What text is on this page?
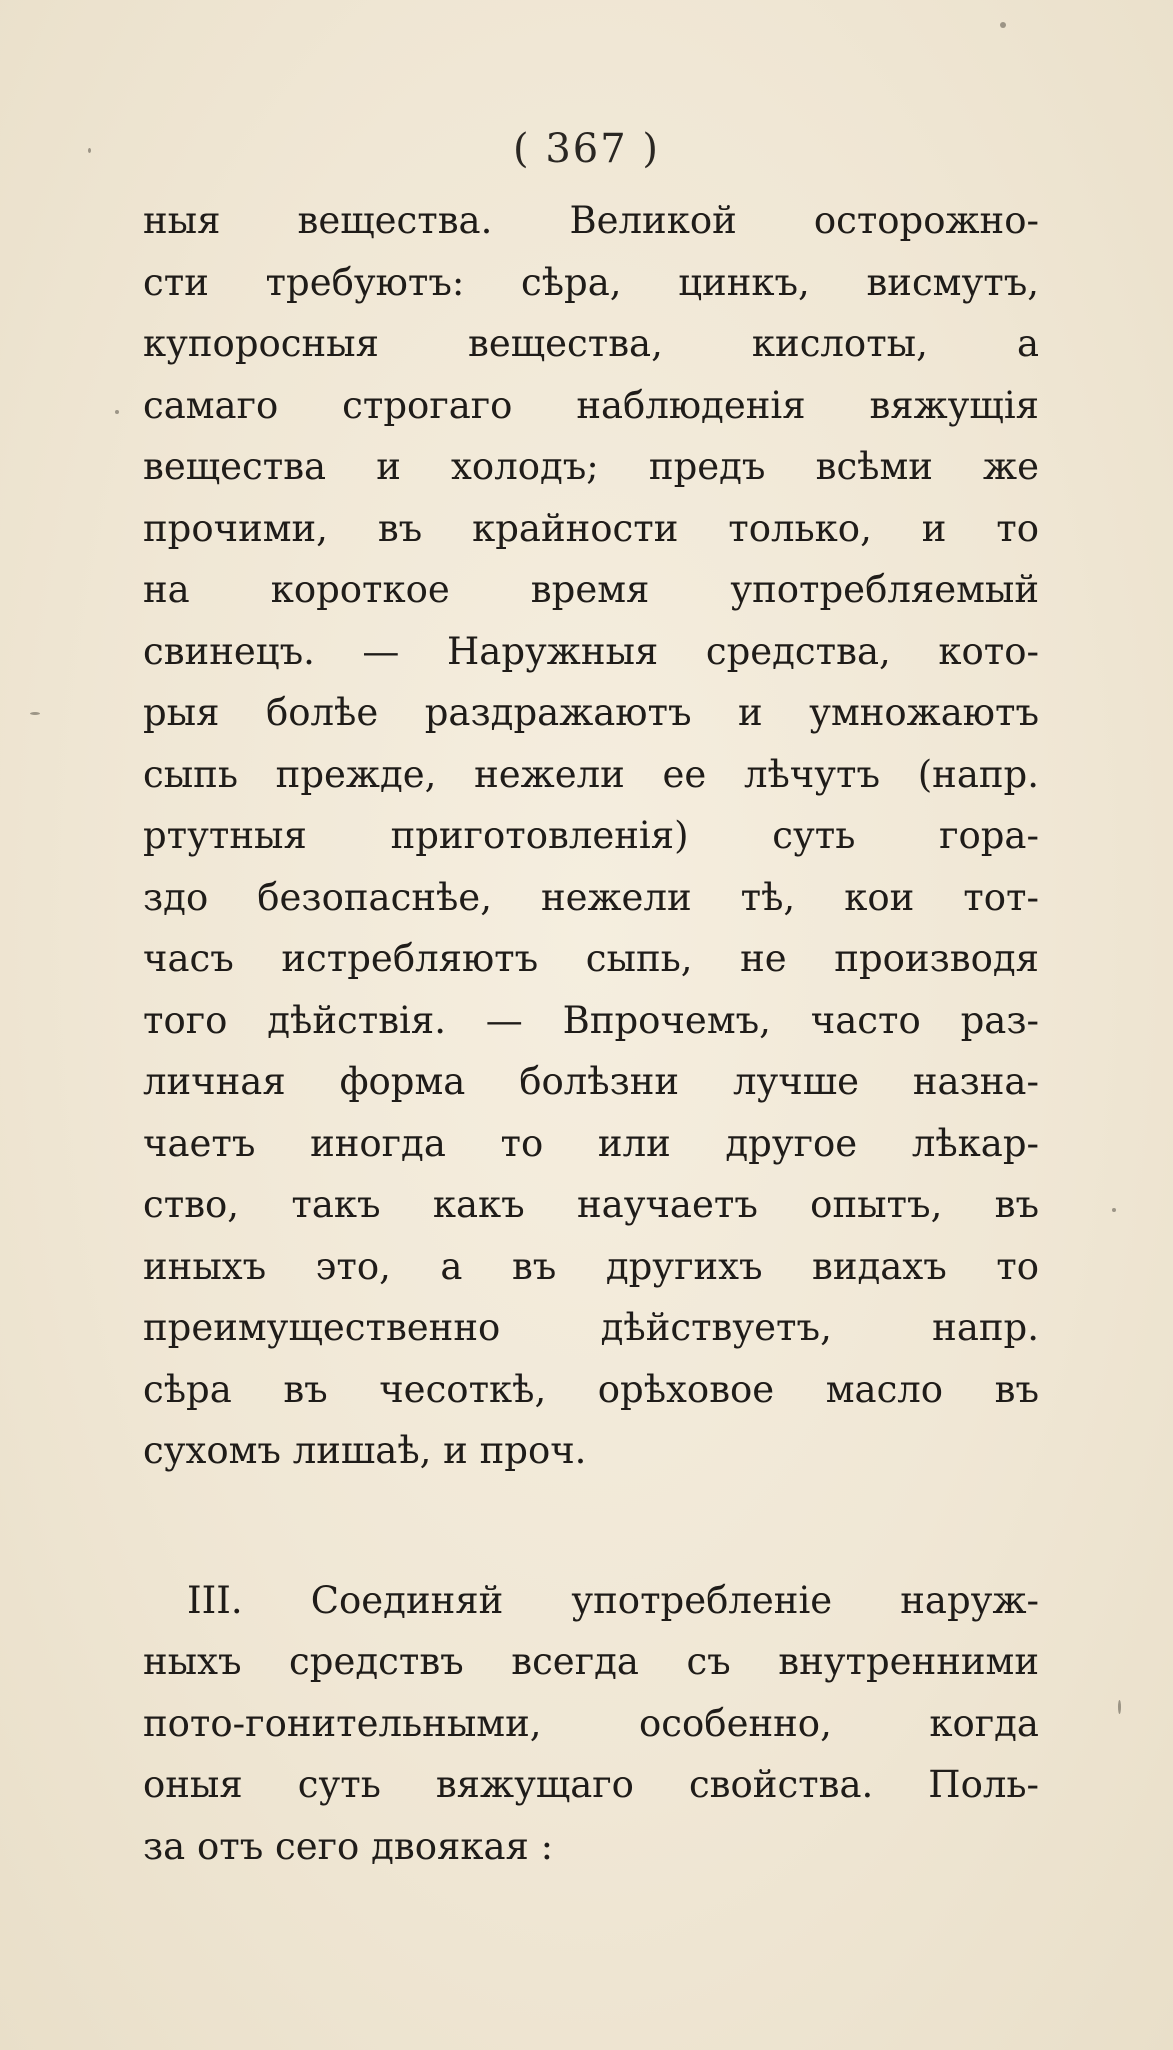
( 367 )
ныя вещества. Великой осторожно-
сти требуютъ: сѣра, цинкъ, висмутъ,
купоросныя вещества, кислоты, а
самаго строгаго наблюденія вяжущія
вещества и холодъ; предъ всѣми же
прочими, въ крайности только, и то
на короткое время употребляемый
свинецъ. — Наружныя средства, кото-
рыя болѣе раздражаютъ и умножаютъ
сыпь прежде, нежели ее лѣчутъ (напр.
ртутныя приготовленія) суть гора-
здо безопаснѣе, нежели тѣ, кои тот-
часъ истребляютъ сыпь, не производя
того дѣйствія. — Впрочемъ, часто раз-
личная форма болѣзни лучше назна-
чаетъ иногда то или другое лѣкар-
ство, такъ какъ научаетъ опытъ, въ
иныхъ это, а въ другихъ видахъ то
преимущественно дѣйствуетъ, напр.
сѣра въ чесоткѣ, орѣховое масло въ
сухомъ лишаѣ, и проч.
III. Соединяй употребленіе наруж-
ныхъ средствъ всегда съ внутренними
пото-гонительными, особенно, когда
оныя суть вяжущаго свойства. Поль-
за отъ сего двоякая :
